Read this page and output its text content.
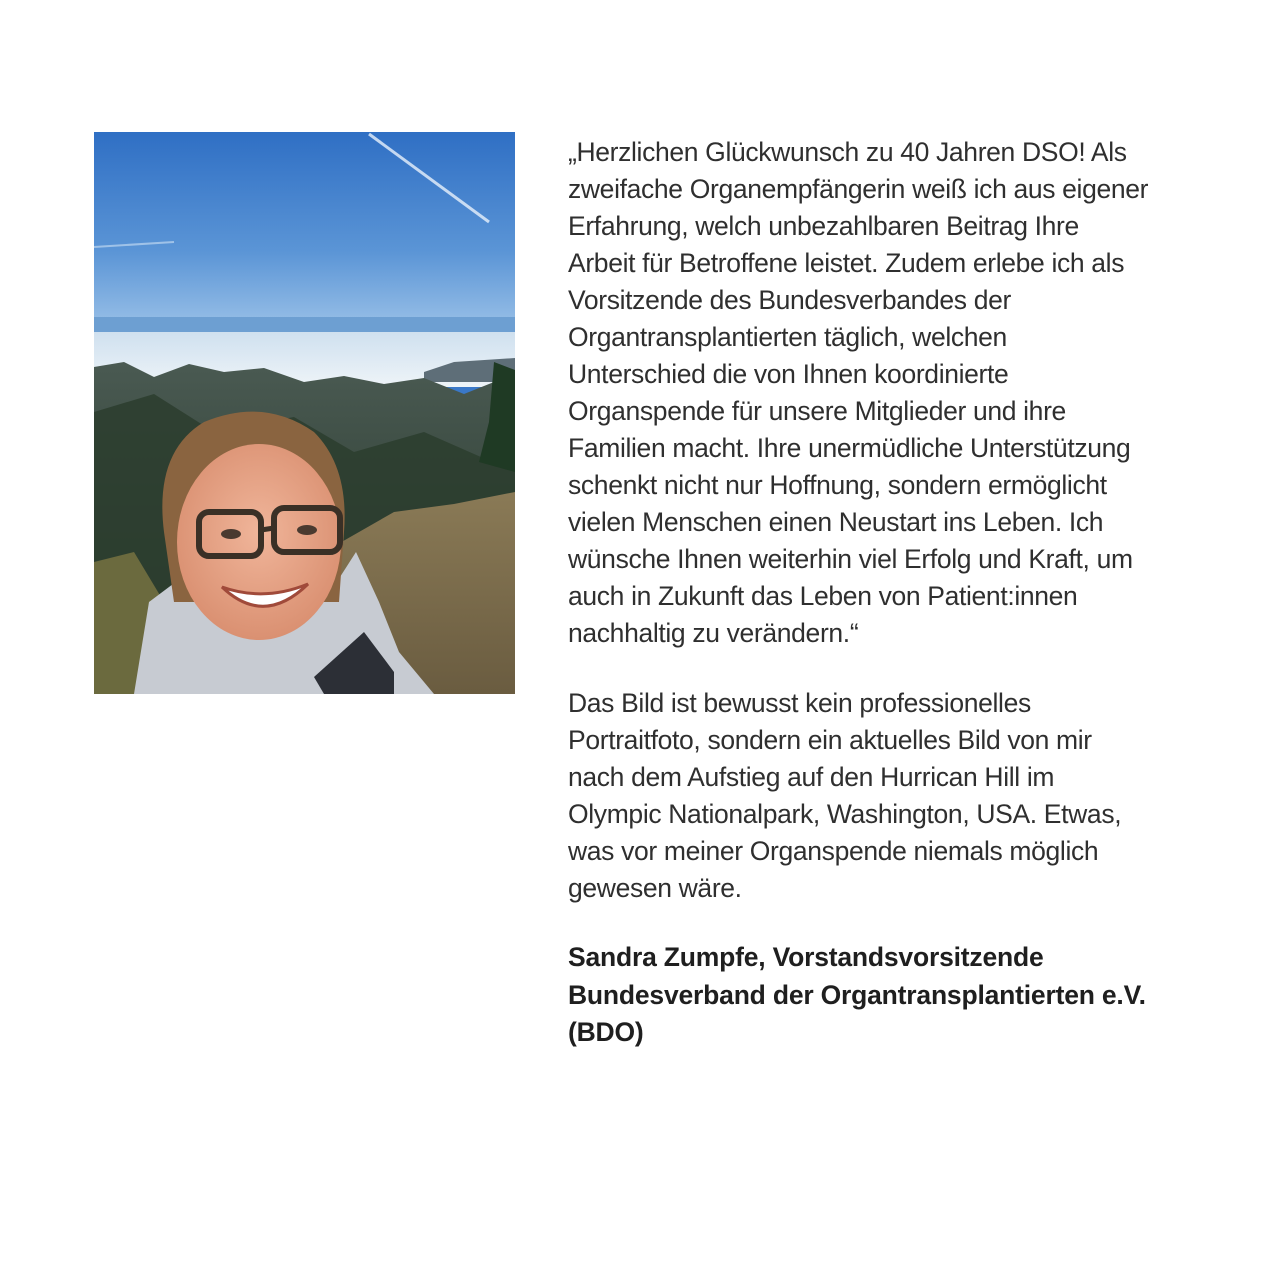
„Herzlichen Glückwunsch zu 40 Jahren DSO! Als
zweifache Organempfängerin weiß ich aus eigener
Erfahrung, welch unbezahlbaren Beitrag Ihre
Arbeit für Betroffene leistet. Zudem erlebe ich als
Vorsitzende des Bundesverbandes der
Organtransplantierten täglich, welchen
Unterschied die von Ihnen koordinierte
Organspende für unsere Mitglieder und ihre
Familien macht. Ihre unermüdliche Unterstützung
schenkt nicht nur Hoffnung, sondern ermöglicht
vielen Menschen einen Neustart ins Leben. Ich
wünsche Ihnen weiterhin viel Erfolg und Kraft, um
auch in Zukunft das Leben von Patient:innen
nachhaltig zu verändern.“

Das Bild ist bewusst kein professionelles
Portraitfoto, sondern ein aktuelles Bild von mir
nach dem Aufstieg auf den Hurrican Hill im
Olympic Nationalpark, Washington, USA. Etwas,
was vor meiner Organspende niemals möglich
gewesen wäre.

Sandra Zumpfe, Vorstandsvorsitzende
Bundesverband der Organtransplantierten e.V.
(BDO)
